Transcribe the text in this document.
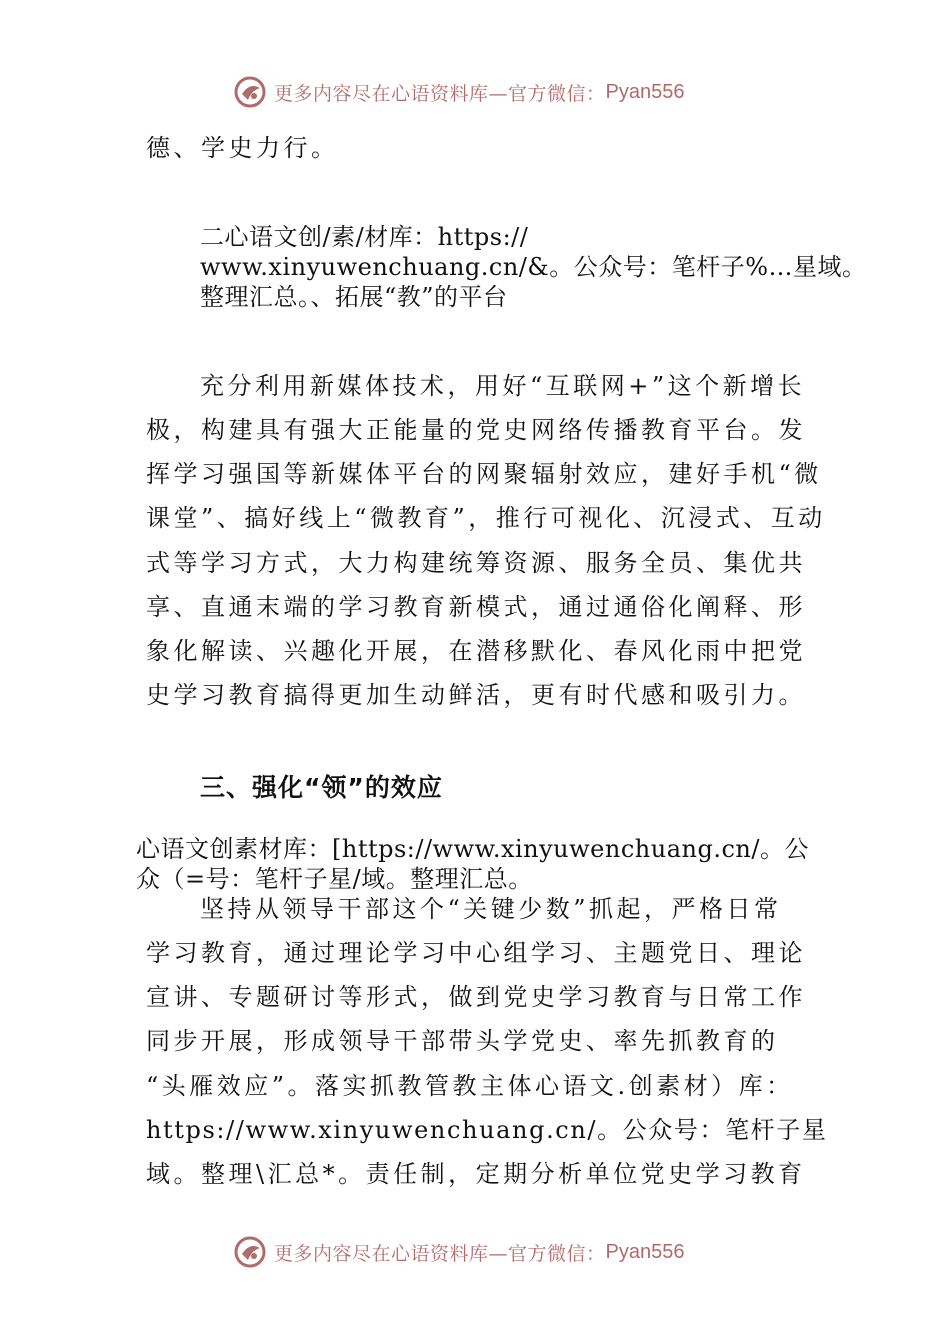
更多内容尽在心语资料库—官方微信： Pyan556
德、学史力行。
二心语文创/素/材库：https://
www.xinyuwenchuang.cn/&。公众号：笔杆子%…星域。
整理汇总。、拓展“教”的平台
充分利用新媒体技术，用好“互联网+”这个新增长
极，构建具有强大正能量的党史网络传播教育平台。发
挥学习强国等新媒体平台的网聚辐射效应，建好手机“微
课堂”、搞好线上“微教育”，推行可视化、沉浸式、互动
式等学习方式，大力构建统筹资源、服务全员、集优共
享、直通末端的学习教育新模式，通过通俗化阐释、形
象化解读、兴趣化开展，在潜移默化、春风化雨中把党
史学习教育搞得更加生动鲜活，更有时代感和吸引力。
三、强化“领”的效应
心语文创素材库：[https://www.xinyuwenchuang.cn/。公
众（=号：笔杆子星/域。整理汇总。
坚持从领导干部这个“关键少数”抓起，严格日常
学习教育，通过理论学习中心组学习、主题党日、理论
宣讲、专题研讨等形式，做到党史学习教育与日常工作
同步开展，形成领导干部带头学党史、率先抓教育的
“头雁效应”。落实抓教管教主体心语文.创素材）库：
https://www.xinyuwenchuang.cn/。公众号：笔杆子星
域。整理\汇总*。责任制，定期分析单位党史学习教育
更多内容尽在心语资料库—官方微信： Pyan556
